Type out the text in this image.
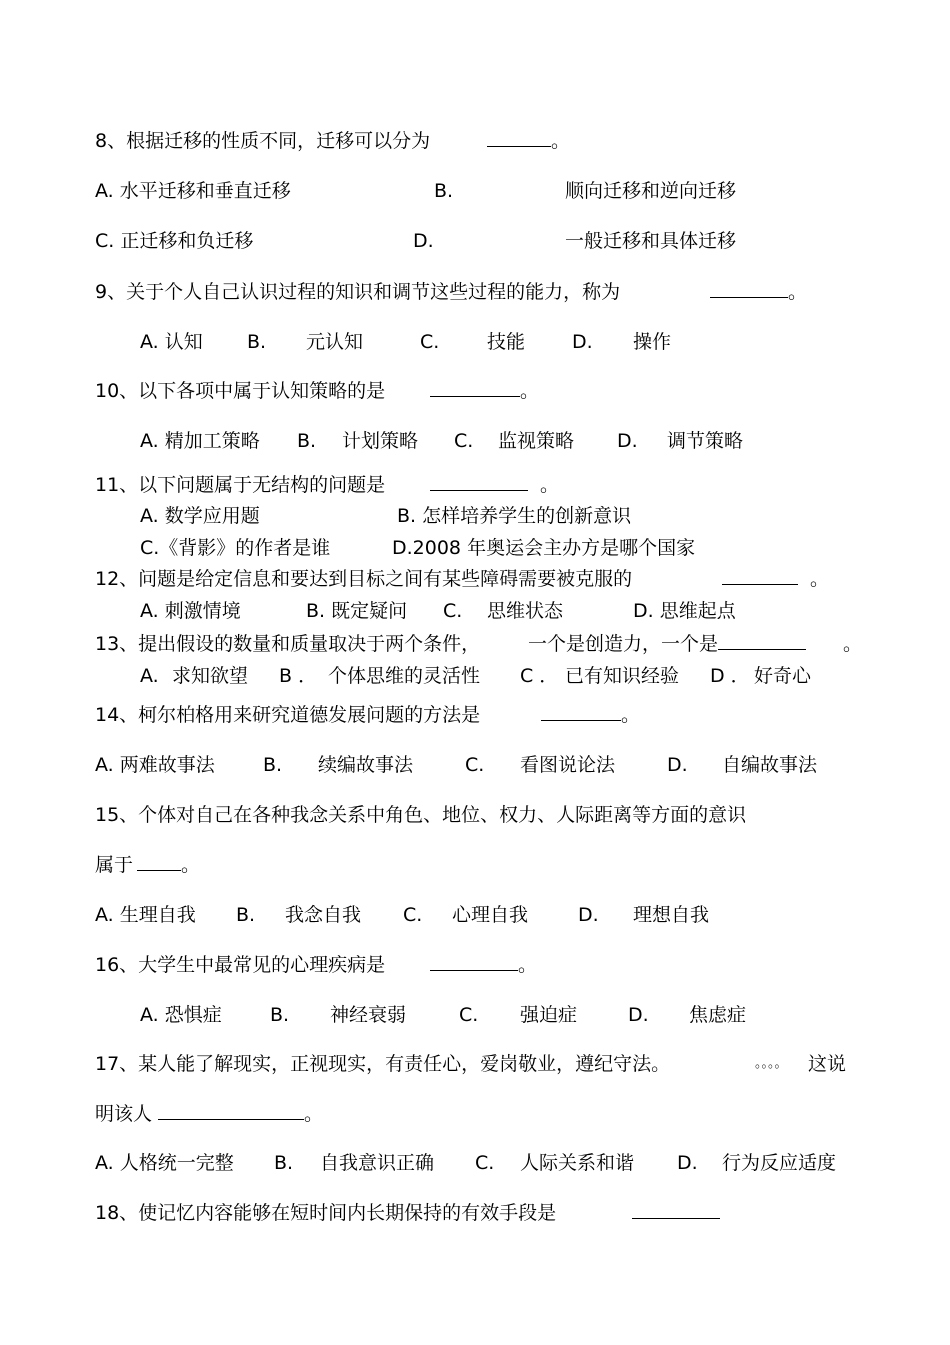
8、根据迁移的性质不同，迁移可以分为	。
A. 水平迁移和垂直迁移	B.	顺向迁移和逆向迁移
C. 正迁移和负迁移	D.	一般迁移和具体迁移
9、关于个人自己认识过程的知识和调节这些过程的能力，称为	。
A. 认知 B. 元认知	C.	技能 D. 操作
10、以下各项中属于认知策略的是	。
A. 精加工策略 B. 计划策略 C. 监视策略 D. 调节策略
11、以下问题属于无结构的问题是	。
A. 数学应用题	B. 怎样培养学生的创新意识
C.《背影》的作者是谁	D.2008 年奥运会主办方是哪个国家
12、问题是给定信息和要达到目标之间有某些障碍需要被克服的	。
A. 刺激情境	B. 既定疑问 C. 思维状态	D. 思维起点
13、提出假设的数量和质量取决于两个条件，	一个是创造力，一个是	。
A. 求知欲望 B ． 个体思维的灵活性 C ． 已有知识经验 D ． 好奇心
14、柯尔柏格用来研究道德发展问题的方法是	。
A. 两难故事法	B. 续编故事法	C. 看图说论法	D. 自编故事法
15、个体对自己在各种我念关系中角色、地位、权力、人际距离等方面的意识
属于	。
A. 生理自我 B. 我念自我 C. 心理自我	D. 理想自我
16、大学生中最常见的心理疾病是	。
A. 恐惧症	B. 神经衰弱	C. 强迫症	D. 焦虑症
17、某人能了解现实，正视现实，有责任心，爱岗敬业，遵纪守法。	。。。。 这说
明该人	。
A. 人格统一完整 B. 自我意识正确 C. 人际关系和谐 D. 行为反应适度
18、使记忆内容能够在短时间内长期保持的有效手段是
